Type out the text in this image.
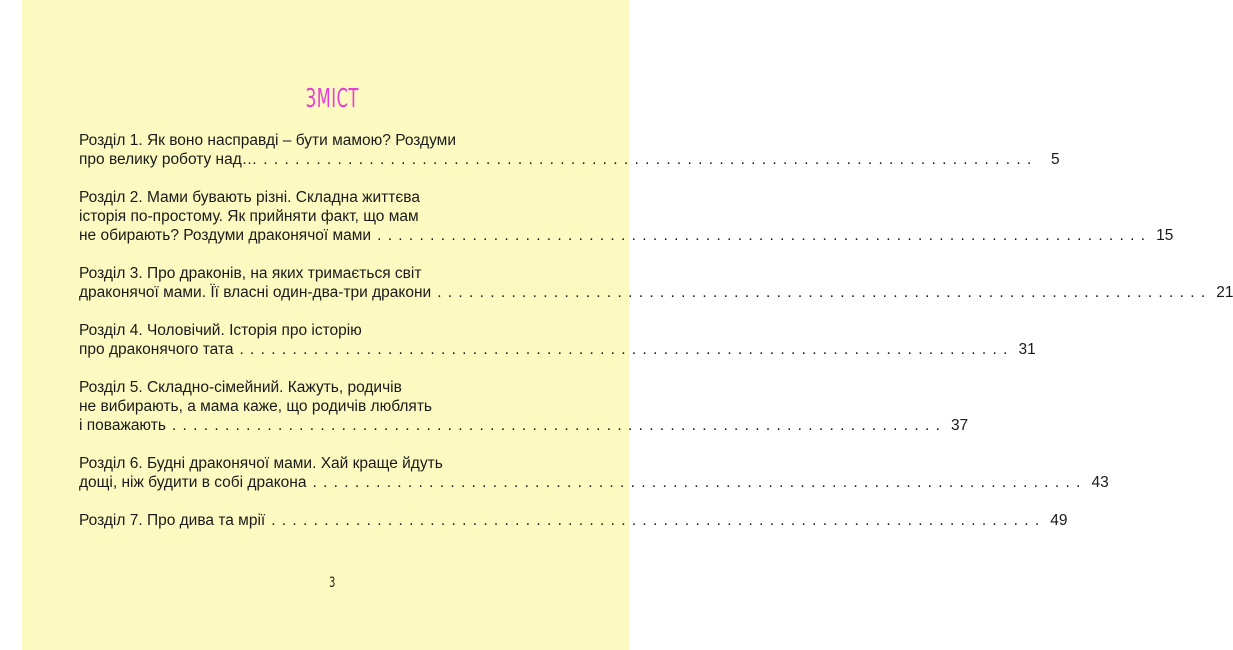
ЗМІСТ
Розділ 1. Як воно насправді – бути мамою? Роздуми
про велику роботу над… ......................................................................... 5
Розділ 2. Мами бувають різні. Складна життєва
історія по-простому. Як прийняти факт, що мам
не обирають? Роздуми драконячої мами ......................................................................... 15
Розділ 3. Про драконів, на яких тримається світ
драконячої мами. Її власні один-два-три дракони ......................................................................... 21
Розділ 4. Чоловічий. Історія про історію
про драконячого тата ......................................................................... 31
Розділ 5. Складно-сімейний. Кажуть, родичів
не вибирають, а мама каже, що родичів люблять
і поважають ......................................................................... 37
Розділ 6. Будні драконячої мами. Хай краще йдуть
дощі, ніж будити в собі дракона ......................................................................... 43
Розділ 7. Про дива та мрії ......................................................................... 49
3
